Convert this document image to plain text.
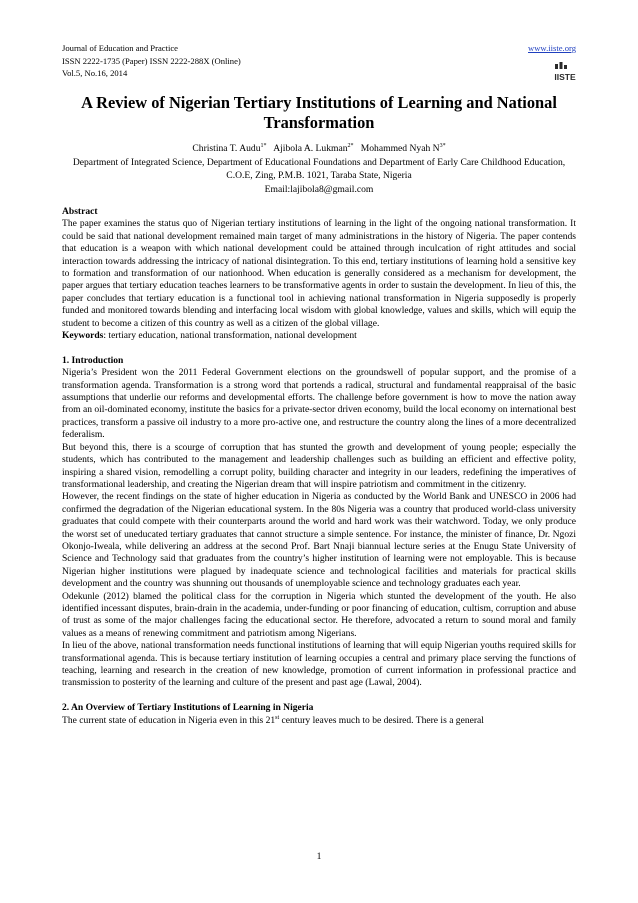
Journal of Education and Practice
ISSN 2222-1735 (Paper) ISSN 2222-288X (Online)
Vol.5, No.16, 2014
www.iiste.org
IISTE
A Review of Nigerian Tertiary Institutions of Learning and National Transformation
Christina T. Audu$^{1*}$ Ajibola A. Lukman$^{2*}$ Mohammed Nyah $N^{3*}$
Department of Integrated Science, Department of Educational Foundations and Department of Early Care Childhood Education, C.O.E, Zing, P.M.B. 1021, Taraba State, Nigeria
Email:lajibola8@gmail.com

Abstract

The paper examines the status quo of Nigerian tertiary institutions of learning in the light of the ongoing national transformation. It could be said that national development remained main target of many administrations in the history of Nigeria. The paper contends that education is a weapon with which national development could be attained through inculcation of right attitudes and social interaction towards addressing the intricacy of national disintegration. To this end, tertiary institutions of learning hold a sensitive key to formation and transformation of our nationhood. When education is generally considered as a mechanism for development, the paper argues that tertiary education teaches learners to be transformative agents in order to sustain the development. In lieu of this, the paper concludes that tertiary education is a functional tool in achieving national transformation in Nigeria supposedly is properly funded and monitored towards blending and interfacing local wisdom with global knowledge, values and skills, which will equip the student to become a citizen of this country as well as a citizen of the global village.

Keywords: tertiary education, national transformation, national development

1. Introduction

Nigeria’s President won the 2011 Federal Government elections on the groundswell of popular support, and the promise of a transformation agenda. Transformation is a strong word that portends a radical, structural and fundamental reappraisal of the basic assumptions that underlie our reforms and developmental efforts. The challenge before government is how to move the nation away from an oil-dominated economy, institute the basics for a private-sector driven economy, build the local economy on international best practices, transform a passive oil industry to a more pro-active one, and restructure the country along the lines of a more decentralized federalism.

But beyond this, there is a scourge of corruption that has stunted the growth and development of young people; especially the students, which has contributed to the management and leadership challenges such as building an efficient and effective polity, inspiring a shared vision, remodelling a corrupt polity, building character and integrity in our leaders, redefining the imperatives of transformational leadership, and creating the Nigerian dream that will inspire patriotism and commitment in the citizenry.

However, the recent findings on the state of higher education in Nigeria as conducted by the World Bank and UNESCO in 2006 had confirmed the degradation of the Nigerian educational system. In the 80s Nigeria was a country that produced world-class university graduates that could compete with their counterparts around the world and hard work was their watchword. Today, we only produce the worst set of uneducated tertiary graduates that cannot structure a simple sentence. For instance, the minister of finance, Dr. Ngozi Okonjo-Iweala, while delivering an address at the second Prof. Bart Nnaji biannual lecture series at the Enugu State University of Science and Technology said that graduates from the country’s higher institution of learning were not employable. This is because Nigerian higher institutions were plagued by inadequate science and technological facilities and materials for practical skills development and the country was shunning out thousands of unemployable science and technology graduates each year.

Odekunle (2012) blamed the political class for the corruption in Nigeria which stunted the development of the youth. He also identified incessant disputes, brain-drain in the academia, under-funding or poor financing of education, cultism, corruption and abuse of trust as some of the major challenges facing the educational sector. He therefore, advocated a return to sound moral and family values as a means of renewing commitment and patriotism among Nigerians.

In lieu of the above, national transformation needs functional institutions of learning that will equip Nigerian youths required skills for transformational agenda. This is because tertiary institution of learning occupies a central and primary place serving the functions of teaching, learning and research in the creation of new knowledge, promotion of current information in professional practice and transmission to posterity of the learning and culture of the present and past age (Lawal, 2004).

2. An Overview of Tertiary Institutions of Learning in Nigeria

The current state of education in Nigeria even in this 21st century leaves much to be desired. There is a general

1
